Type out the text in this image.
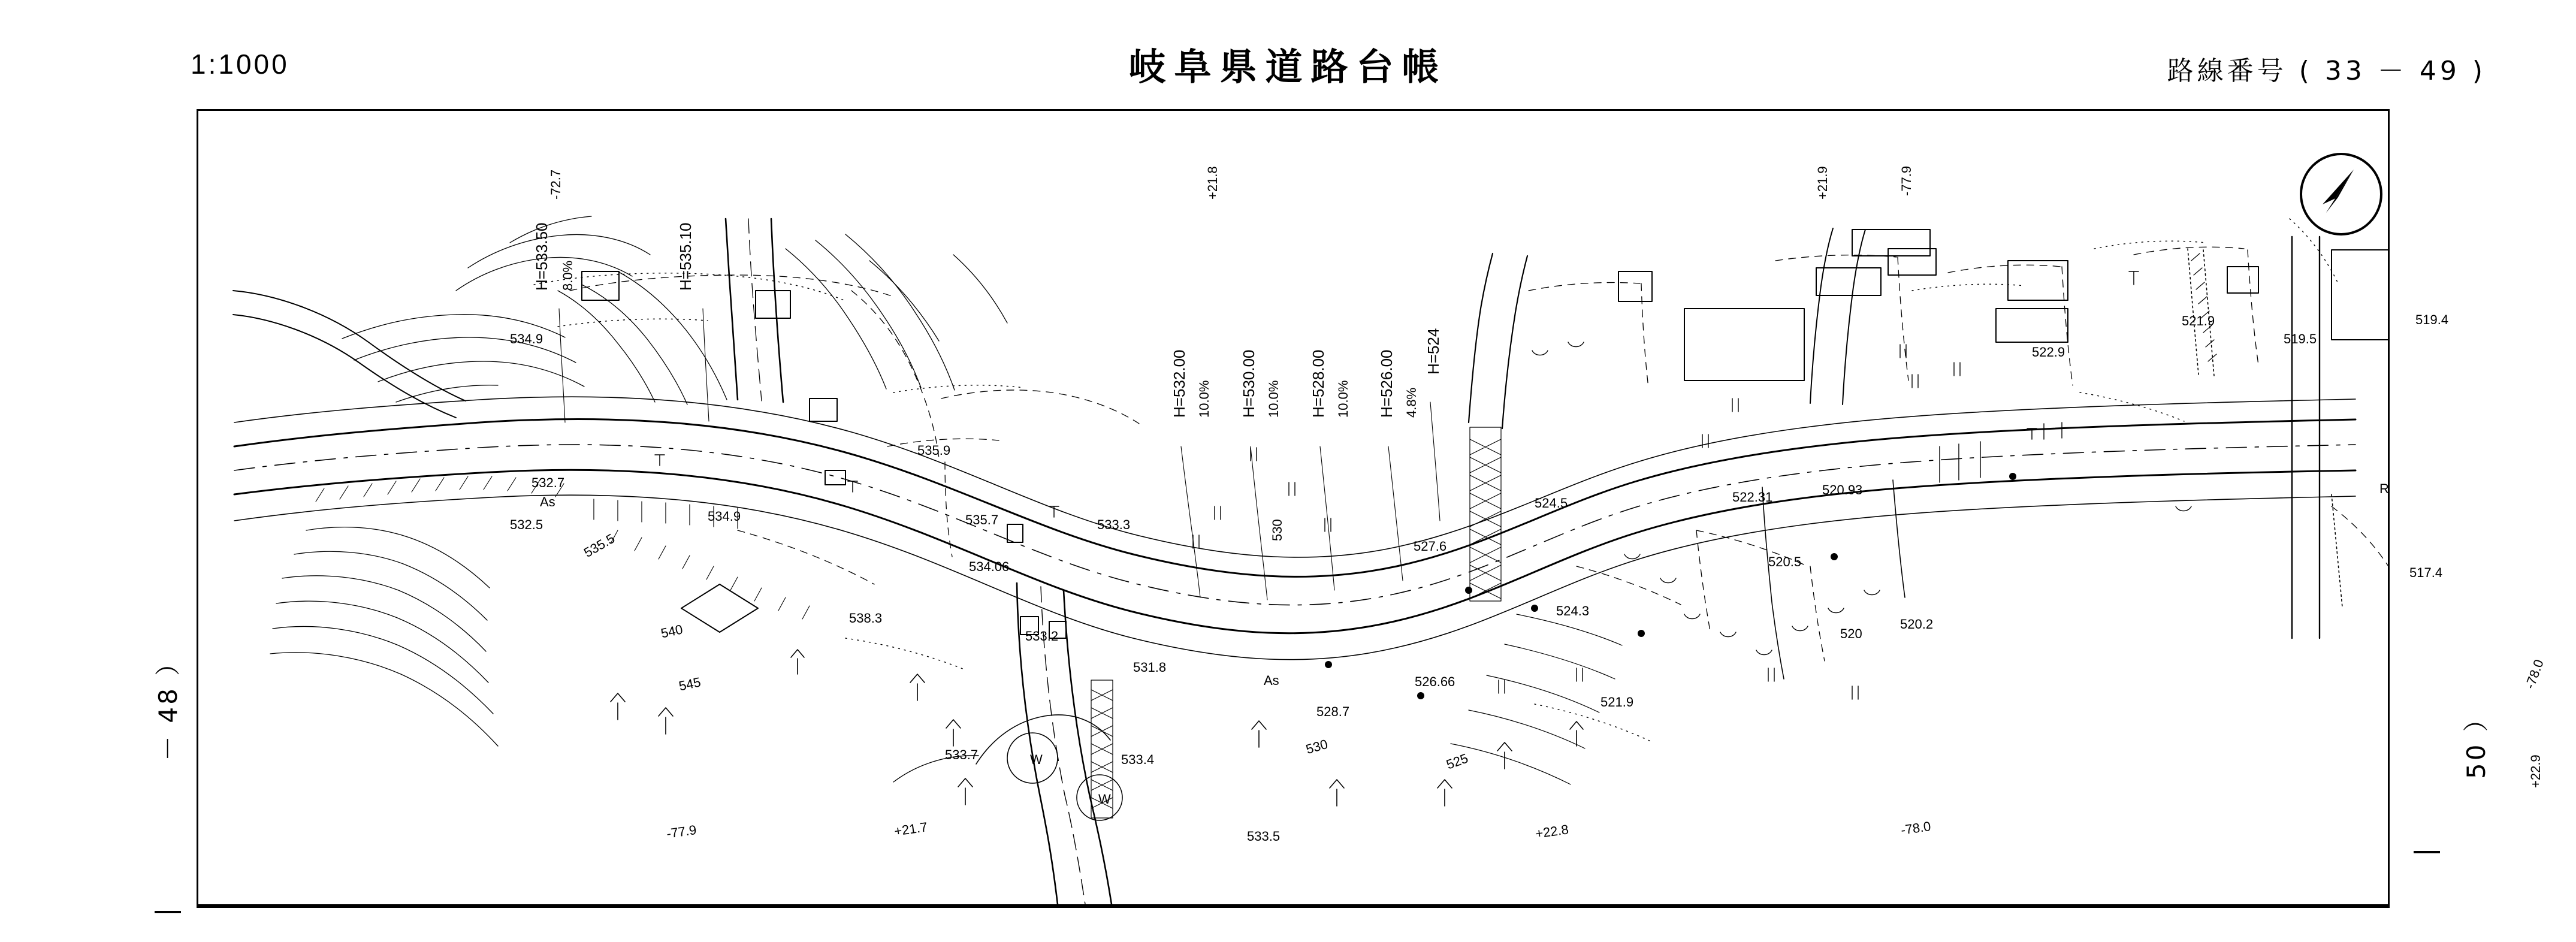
1:1000	岐阜県道路台帳	路線番号 ( 33 － 49 )
－ 48 ）	50 ）
-72.7	+21.8	+21.9	-77.9
H=533.50 8.0%	H=535.10
H=532.00 10.0% H=530.00 10.0% H=528.00 10.0% H=526.00 4.8%
H=524
534.9
532.7
As
532.5
534.9
535.9
535.7	533.3
534.06
535.5
540
545
538.3
533.2
531.8
As
528.7
526.66
527.6
524.5
524.3
530
530
525
521.9
522.31	520.93
520.5
520
520.2
522.9
521.9
519.5
519.4
517.4
R
533.7	533.4
533.5
W
W
-77.9	+21.7	+22.8	-78.0
-78.0
+22.9
